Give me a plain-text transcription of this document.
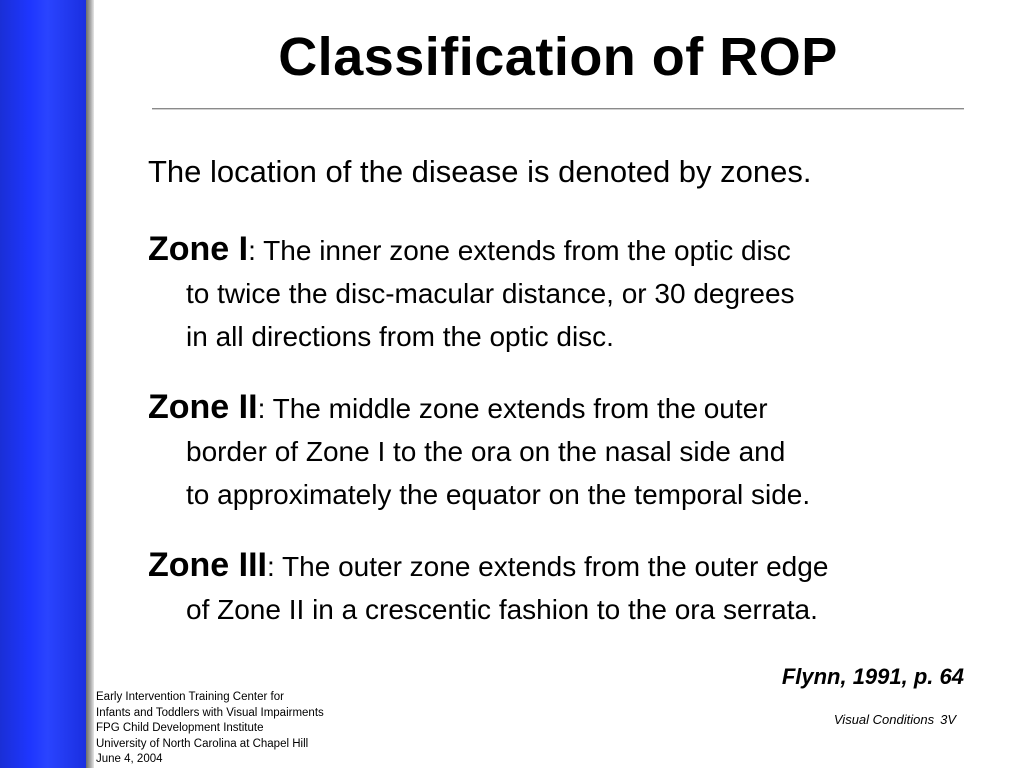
Classification of ROP

The location of the disease is denoted by zones.

Zone I: The inner zone extends from the optic disc
to twice the disc-macular distance, or 30 degrees
in all directions from the optic disc.
Zone II: The middle zone extends from the outer
border of Zone I to the ora on the nasal side and
to approximately the equator on the temporal side.
Zone III: The outer zone extends from the outer edge
of Zone II in a crescentic fashion to the ora serrata.

Flynn, 1991, p. 64

Early Intervention Training Center for
Infants and Toddlers with Visual Impairments
FPG Child Development Institute
University of North Carolina at Chapel Hill
June 4, 2004
Visual Conditions 3V
